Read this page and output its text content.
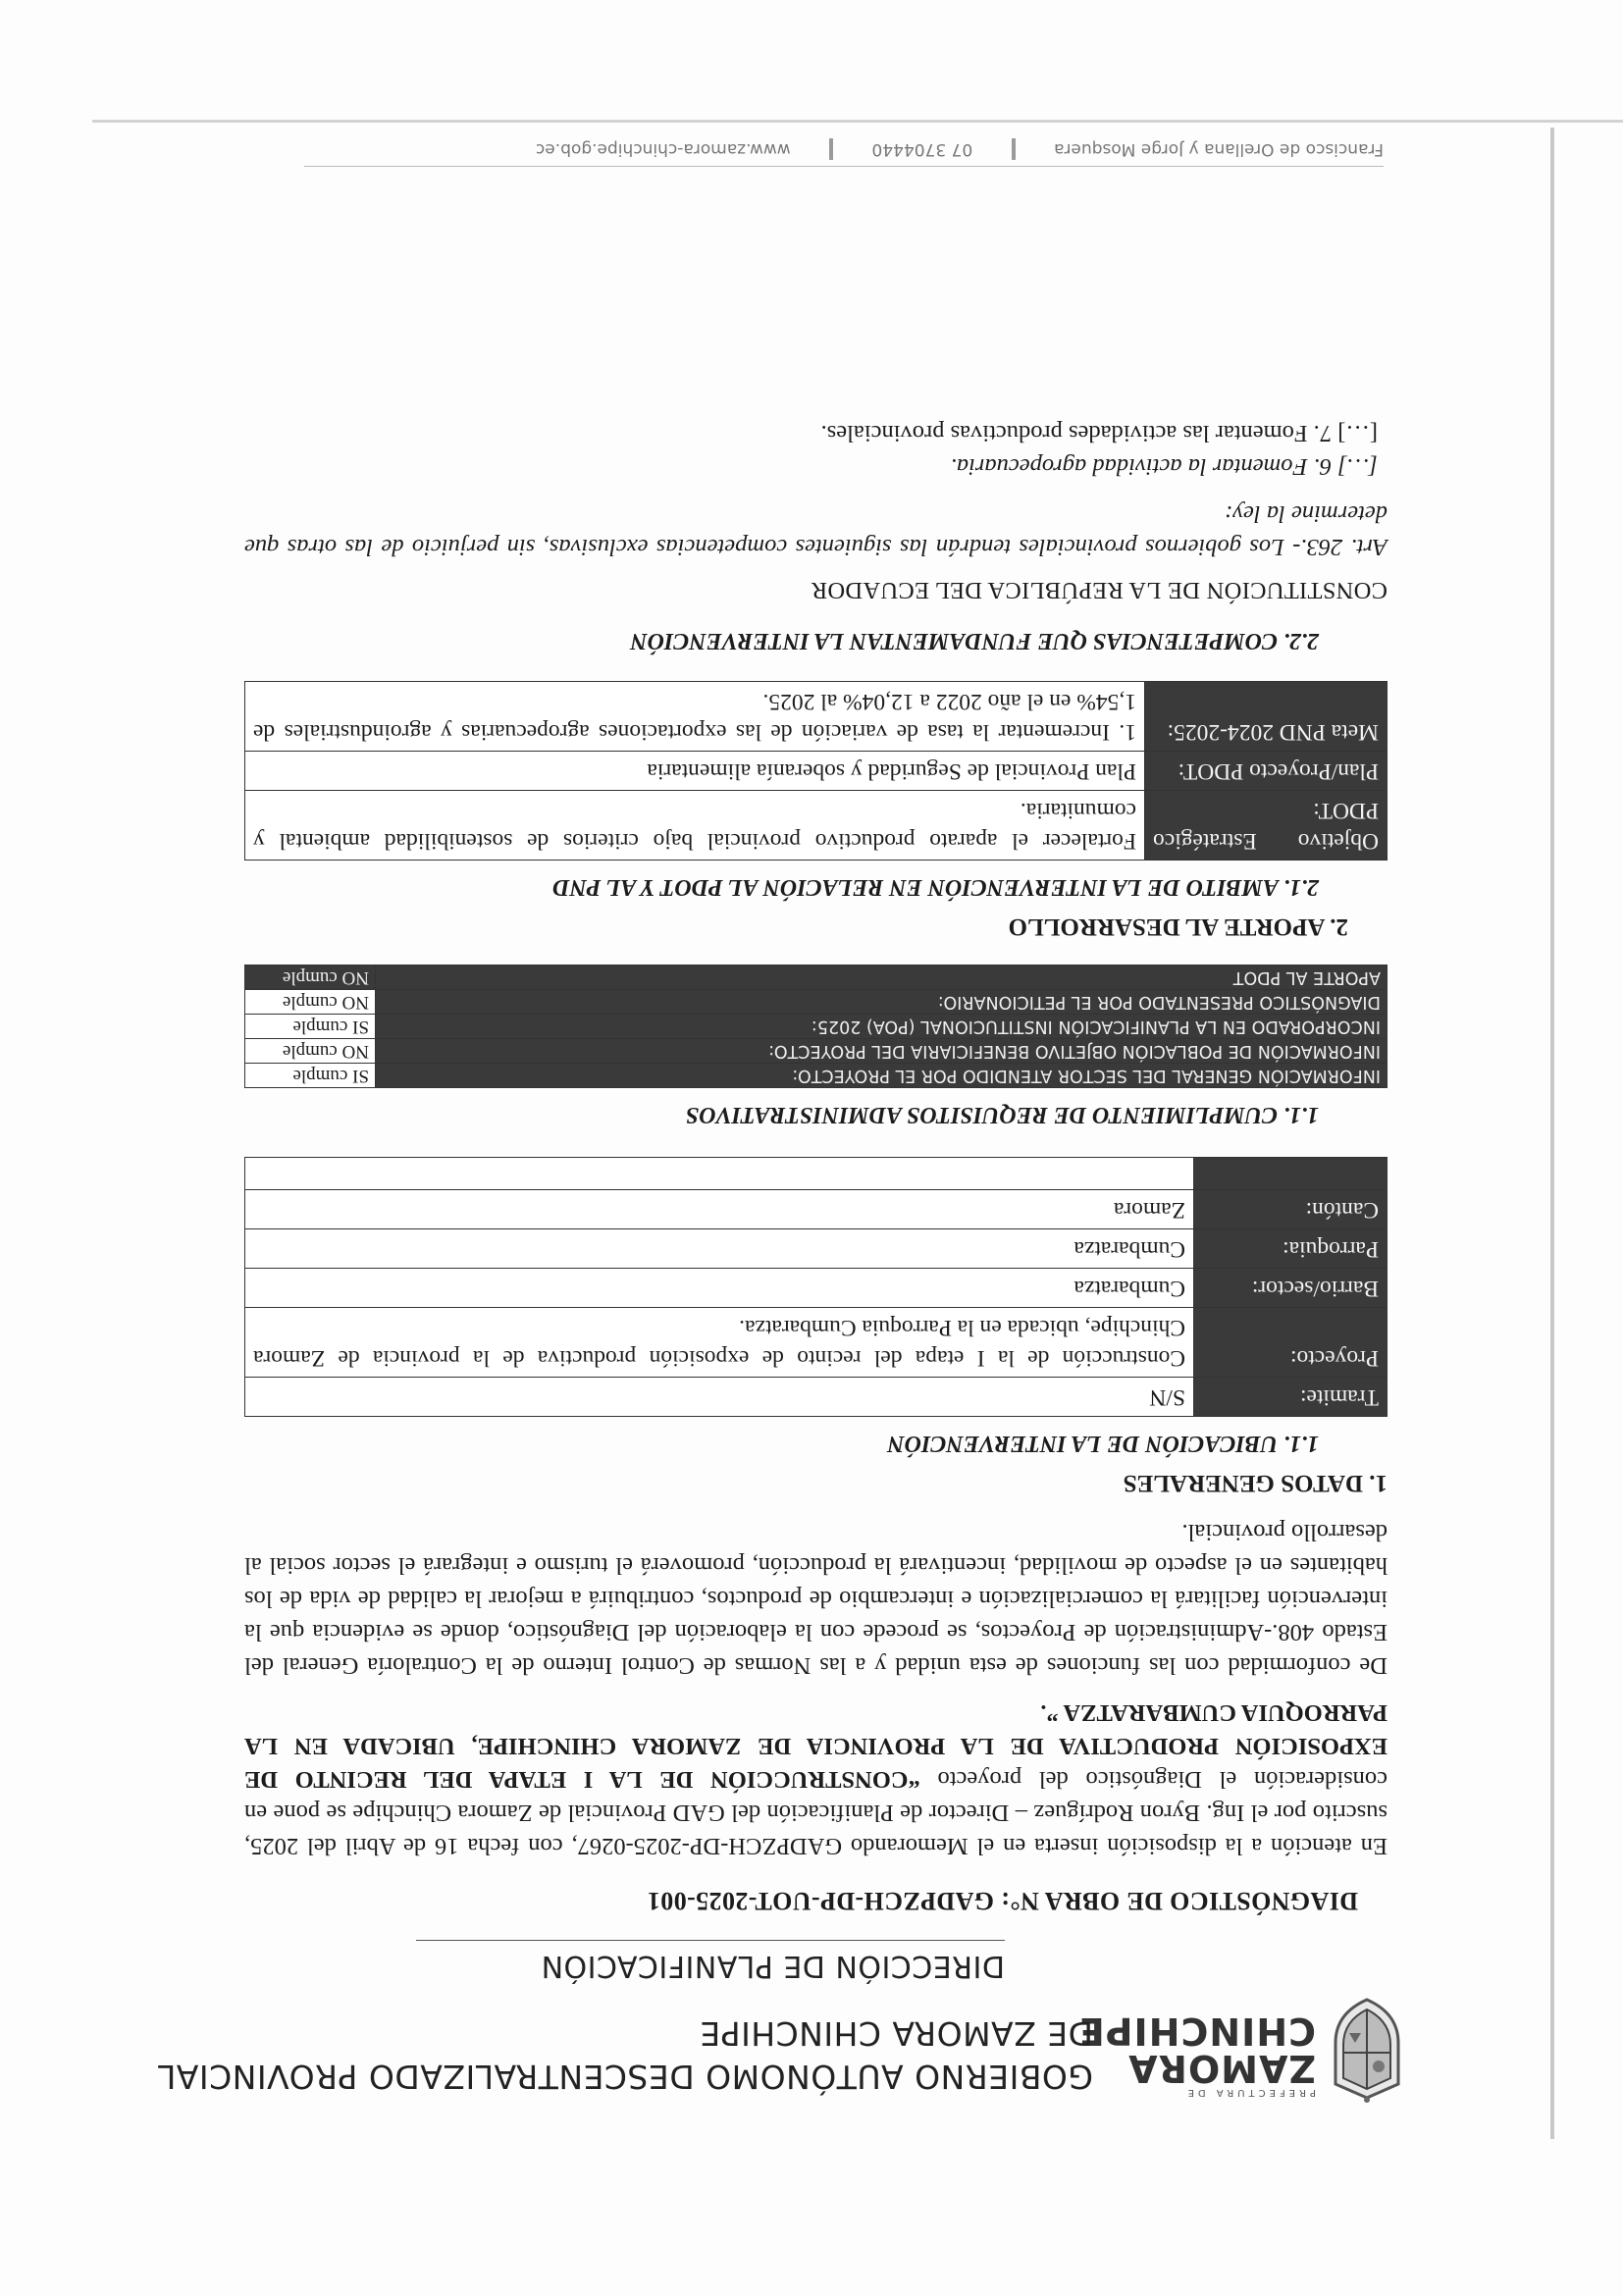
PREFECTURA DE
ZAMORA
CHINCHIPE
GOBIERNO AUTÓNOMO DESCENTRALIZADO PROVINCIAL
DE ZAMORA CHINCHIPE
DIRECCIÓN DE PLANIFICACIÓN
DIAGNÓSTICO DE OBRA N°: GADPZCH-DP-UOT-2025-001

En atención a la disposición inserta en el Memorando GADPZCH-DP-2025-0267, con fecha 16 de Abril del 2025, suscrito por el Ing. Byron Rodríguez – Director de Planificación del GAD Provincial de Zamora Chinchipe se pone en consideración el Diagnóstico del proyecto “CONSTRUCCIÓN DE LA I ETAPA DEL RECINTO DE EXPOSICIÓN PRODUCTIVA DE LA PROVINCIA DE ZAMORA CHINCHIPE, UBICADA EN LA PARROQUIA CUMBARATZA ”.

De conformidad con las funciones de esta unidad y a las Normas de Control Interno de la Contraloría General del Estado 408.-Administración de Proyectos, se procede con la elaboración del Diagnóstico, donde se evidencia que la intervención facilitará la comercialización e intercambio de productos, contribuirá a mejorar la calidad de vida de los habitantes en el aspecto de movilidad, incentivará la producción, promoverá el turismo e integrará el sector social al desarrollo provincial.

1. DATOS GENERALES
1.1. UBICACIÓN DE LA INTERVENCIÓN
Tramite:	S/N
Proyecto:	Construcción de la I etapa del recinto de exposición productiva de la provincia de Zamora Chinchipe, ubicada en la Parroquia Cumbaratza.
Barrio/sector:	Cumbaratza
Parroquia:	Cumbaratza
Cantón:	Zamora

1.1. CUMPLIMIENTO DE REQUISITOS ADMINISTRATIVOS
INFORMACIÓN GENERAL DEL SECTOR ATENDIDO POR EL PROYECTO:	SI cumple
INFORMACIÓN DE POBLACIÓN OBJETIVO BENEFICIARIA DEL PROYECTO:	NO cumple
INCORPORADO EN LA PLANIFICACIÓN INSTITUCIONAL (POA) 2025:	SI cumple
DIAGNÓSTICO PRESENTADO POR EL PETICIONARIO:	NO cumple
APORTE AL PDOT	NO cumple
2. APORTE AL DESARROLLO
2.1. AMBITO DE LA INTERVENCIÓN EN RELACIÓN AL PDOT Y AL PND
Objetivo Estratégico PDOT:	Fortalecer el aparato productivo provincial bajo criterios de sostenibilidad ambiental y comunitaria.
Plan/Proyecto PDOT:	Plan Provincial de Seguridad y soberanía alimentaria
Meta PND 2024-2025:	1. Incrementar la tasa de variación de las exportaciones agropecuarias y agroindustriales de 1,54% en el año 2022 a 12,04% al 2025.
2.2. COMPETENCIAS QUE FUNDAMENTAN LA INTERVENCIÓN
CONSTITUCIÓN DE LA REPÚBLICA DEL ECUADOR

Art. 263.- Los gobiernos provinciales tendrán las siguientes competencias exclusivas, sin perjuicio de las otras que determine la ley:

[…] 6. Fomentar la actividad agropecuaria.
[…] 7. Fomentar las actividades productivas provinciales.
Francisco de Orellana y Jorge Mosquera  07 3704440  www.zamora-chinchipe.gob.ec
